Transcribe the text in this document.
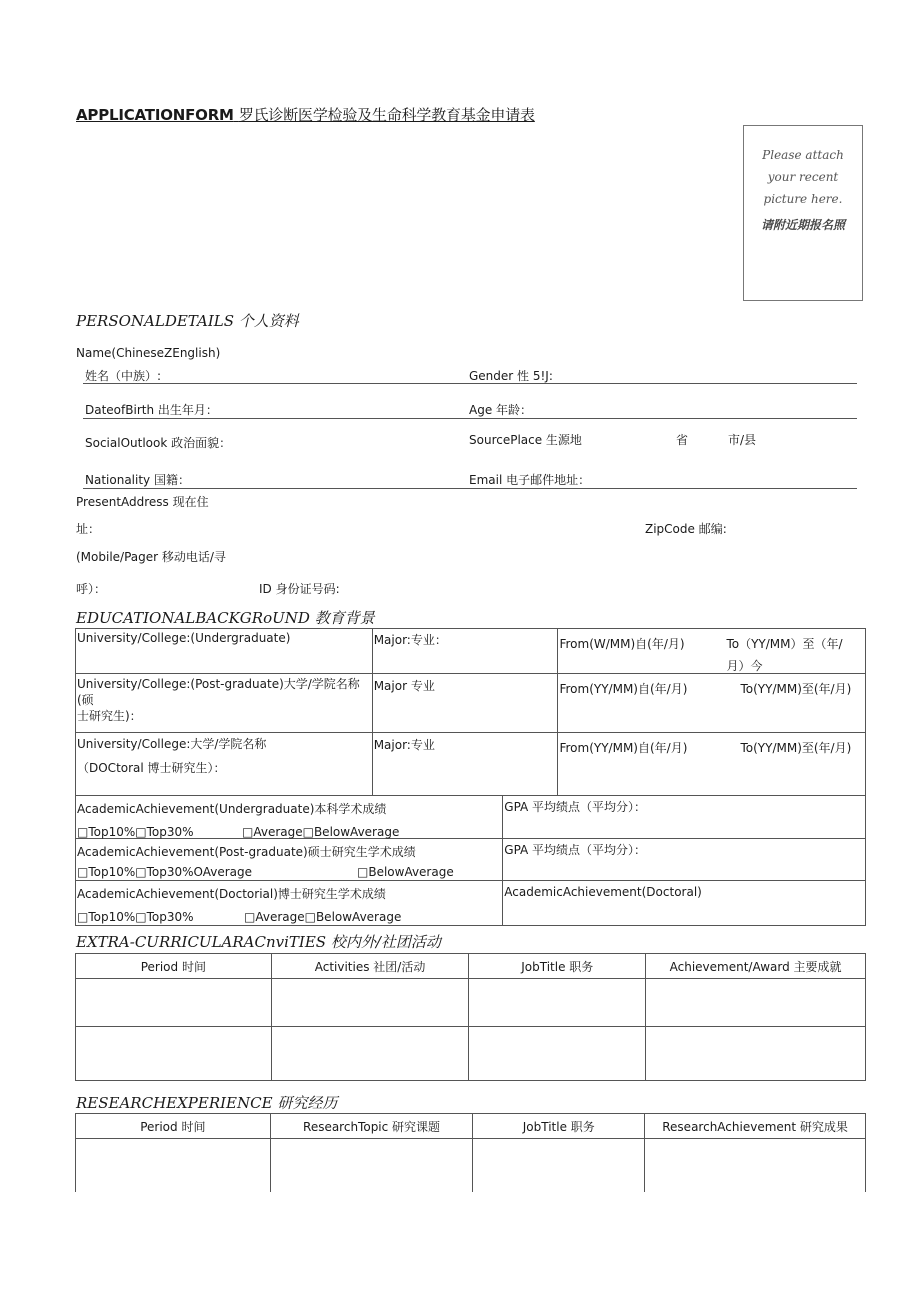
APPLICATIONFORM 罗氏诊断医学检验及生命科学教育基金申请表
Please attach
your recent
picture here.
请附近期报名照
PERSONALDETAILS 个人资料
Name(ChineseZEnglish)
姓名（中族）:	Gender 性 5!J:
DateofBirth 出生年月：	Age 年龄：
SocialOutlook 政治面貌：	SourcePlace 生源地	省	市/县
Nationality 国籍：	Email 电子邮件地址：
PresentAddress 现在住
址：	ZipCode 邮编:
(Mobile/Pager 移动电话/寻
呼）：	ID 身份证号码:
EDUCATIONALBACKGRoUND 教育背景
University/College:(Undergraduate)	Major:专业：	From(W/MM)自(年/月) To（YY/MM）至（年/
月）今

University/College:(Post-graduate)大学/学院名称(硕
士研究生)：	Major 专业	From(YY/MM)自(年/月) To(YY/MM)至(年/月)

University/College:大学/学院名称
（DOCtoral 博士研究生）：	Major:专业	From(YY/MM)自(年/月) To(YY/MM)至(年/月)
AcademicAchievement(Undergraduate)本科学术成绩
□Top10%□Top30% □Average□BelowAverage	GPA 平均绩点（平均分）：

AcademicAchievement(Post-graduate)硕士研究生学术成绩
□Top10%□Top30%OAverage □BelowAverage	GPA 平均绩点（平均分）：

AcademicAchievement(Doctorial)博士研究生学术成绩
□Top10%□Top30% □Average□BelowAverage	AcademicAchievement(Doctoral)
EXTRA-CURRICULARACnviTIES 校内外/社团活动
Period 时间	Activities 社团/活动	JobTitle 职务	Achievement/Award 主要成就

RESEARCHEXPERIENCE 研究经历
Period 时间	ResearchTopic 研究课题	JobTitle 职务	ResearchAchievement 研究成果
